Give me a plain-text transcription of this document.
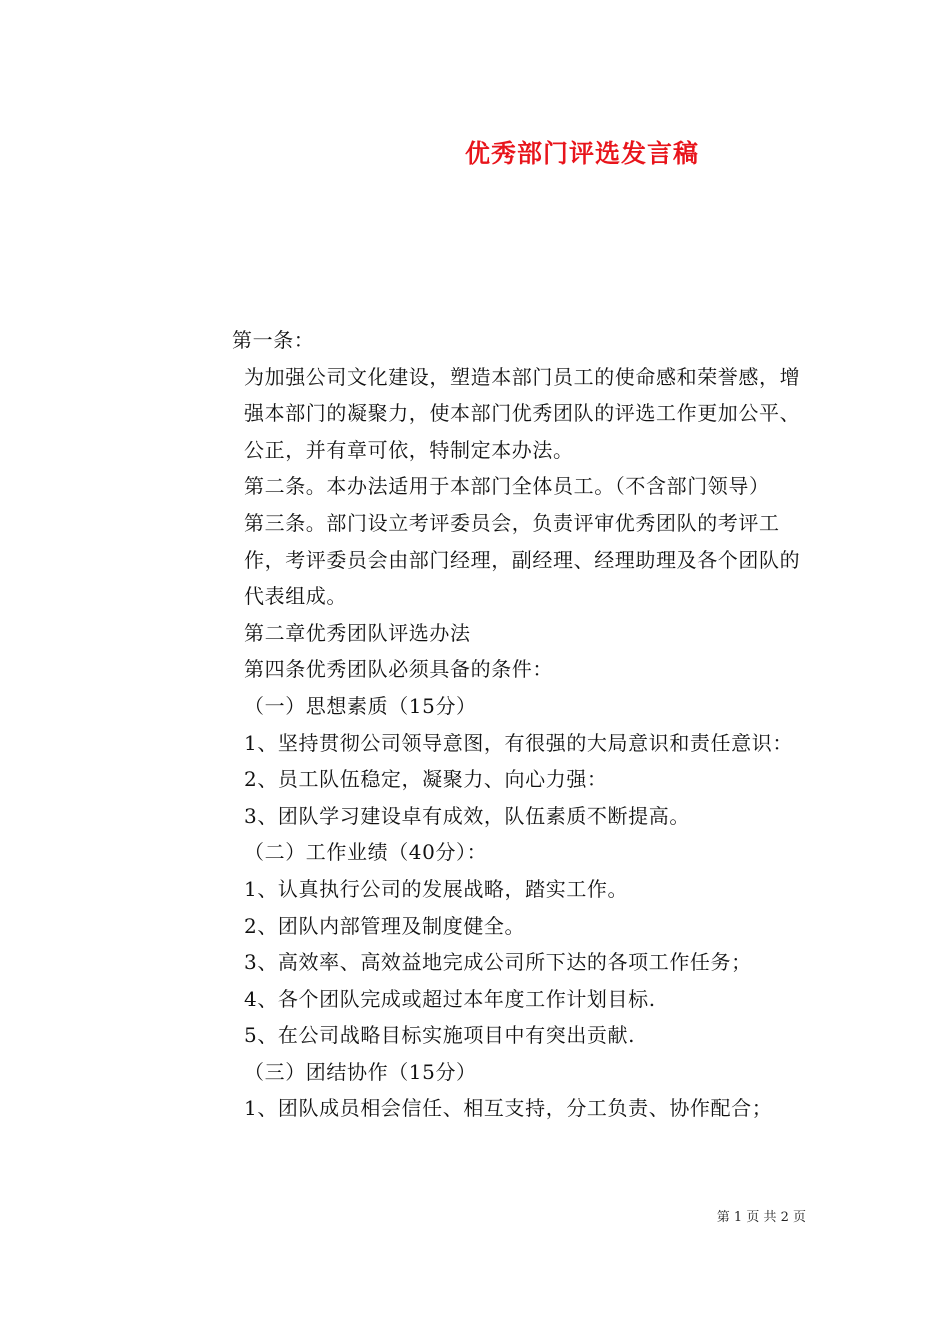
优秀部门评选发言稿

第一条：

为加强公司文化建设，塑造本部门员工的使命感和荣誉感，增强本部门的凝聚力，使本部门优秀团队的评选工作更加公平、公正，并有章可依，特制定本办法。

第二条。本办法适用于本部门全体员工。（不含部门领导）

第三条。部门设立考评委员会，负责评审优秀团队的考评工作，考评委员会由部门经理，副经理、经理助理及各个团队的代表组成。

第二章优秀团队评选办法

第四条优秀团队必须具备的条件：

（一）思想素质（15分）

1、坚持贯彻公司领导意图，有很强的大局意识和责任意识：

2、员工队伍稳定，凝聚力、向心力强：

3、团队学习建设卓有成效，队伍素质不断提高。

（二）工作业绩（40分）：

1、认真执行公司的发展战略，踏实工作。

2、团队内部管理及制度健全。

3、高效率、高效益地完成公司所下达的各项工作任务；

4、各个团队完成或超过本年度工作计划目标.

5、在公司战略目标实施项目中有突出贡献.

（三）团结协作（15分）

1、团队成员相会信任、相互支持，分工负责、协作配合；

第 1 页 共 2 页
